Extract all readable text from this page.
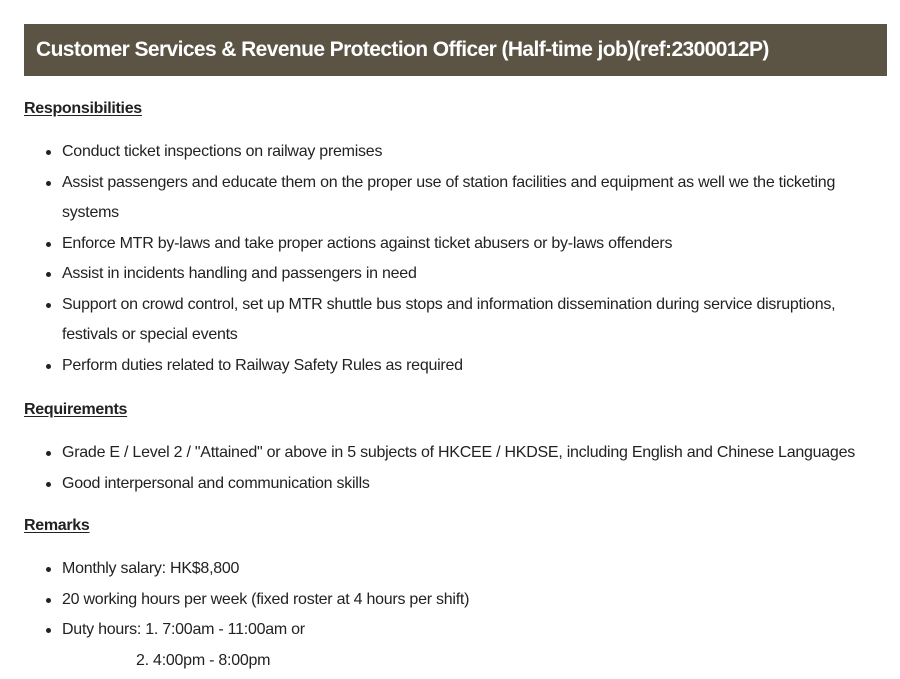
Customer Services & Revenue Protection Officer (Half-time job)(ref:2300012P)
Responsibilities
Conduct ticket inspections on railway premises
Assist passengers and educate them on the proper use of station facilities and equipment as well we the ticketing systems
Enforce MTR by-laws and take proper actions against ticket abusers or by-laws offenders
Assist in incidents handling and passengers in need
Support on crowd control, set up MTR shuttle bus stops and information dissemination during service disruptions, festivals or special events
Perform duties related to Railway Safety Rules as required
Requirements
Grade E / Level 2 / "Attained" or above in 5 subjects of HKCEE / HKDSE, including English and Chinese Languages
Good interpersonal and communication skills
Remarks
Monthly salary: HK$8,800
20 working hours per week (fixed roster at 4 hours per shift)
Duty hours: 1. 7:00am - 11:00am or
2. 4:00pm - 8:00pm
